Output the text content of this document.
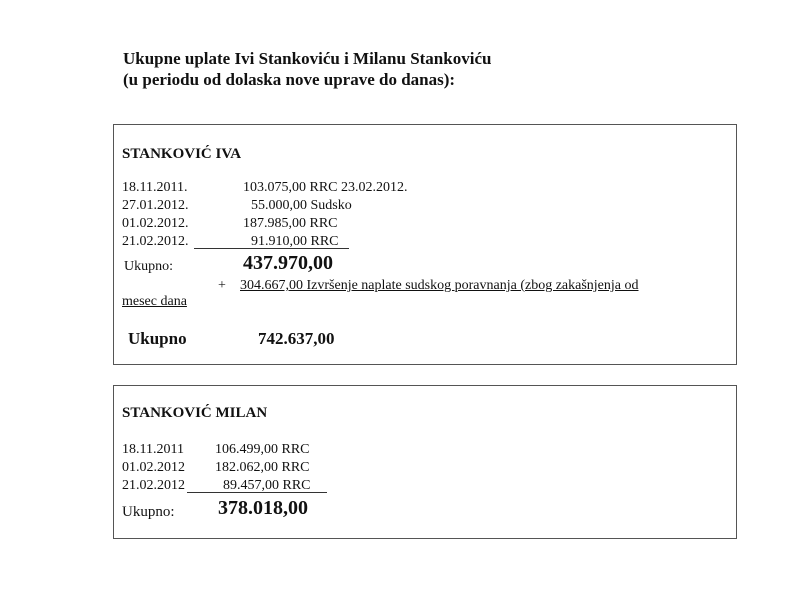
Ukupne uplate Ivi Stankoviću i Milanu Stankoviću
(u periodu od dolaska nove uprave do danas):
STANKOVIĆ IVA
18.11.2011.	103.075,00 RRC 23.02.2012.
27.01.2012.	55.000,00 Sudsko
01.02.2012.	187.985,00 RRC
21.02.2012.	91.910,00 RRC
Ukupno:	437.970,00
+ 304.667,00 Izvršenje naplate sudskog poravnanja (zbog zakašnjenja od
mesec dana
Ukupno	742.637,00
STANKOVIĆ MILAN
18.11.2011 106.499,00 RRC
01.02.2012 182.062,00 RRC
21.02.2012	89.457,00 RRC
Ukupno: 378.018,00
